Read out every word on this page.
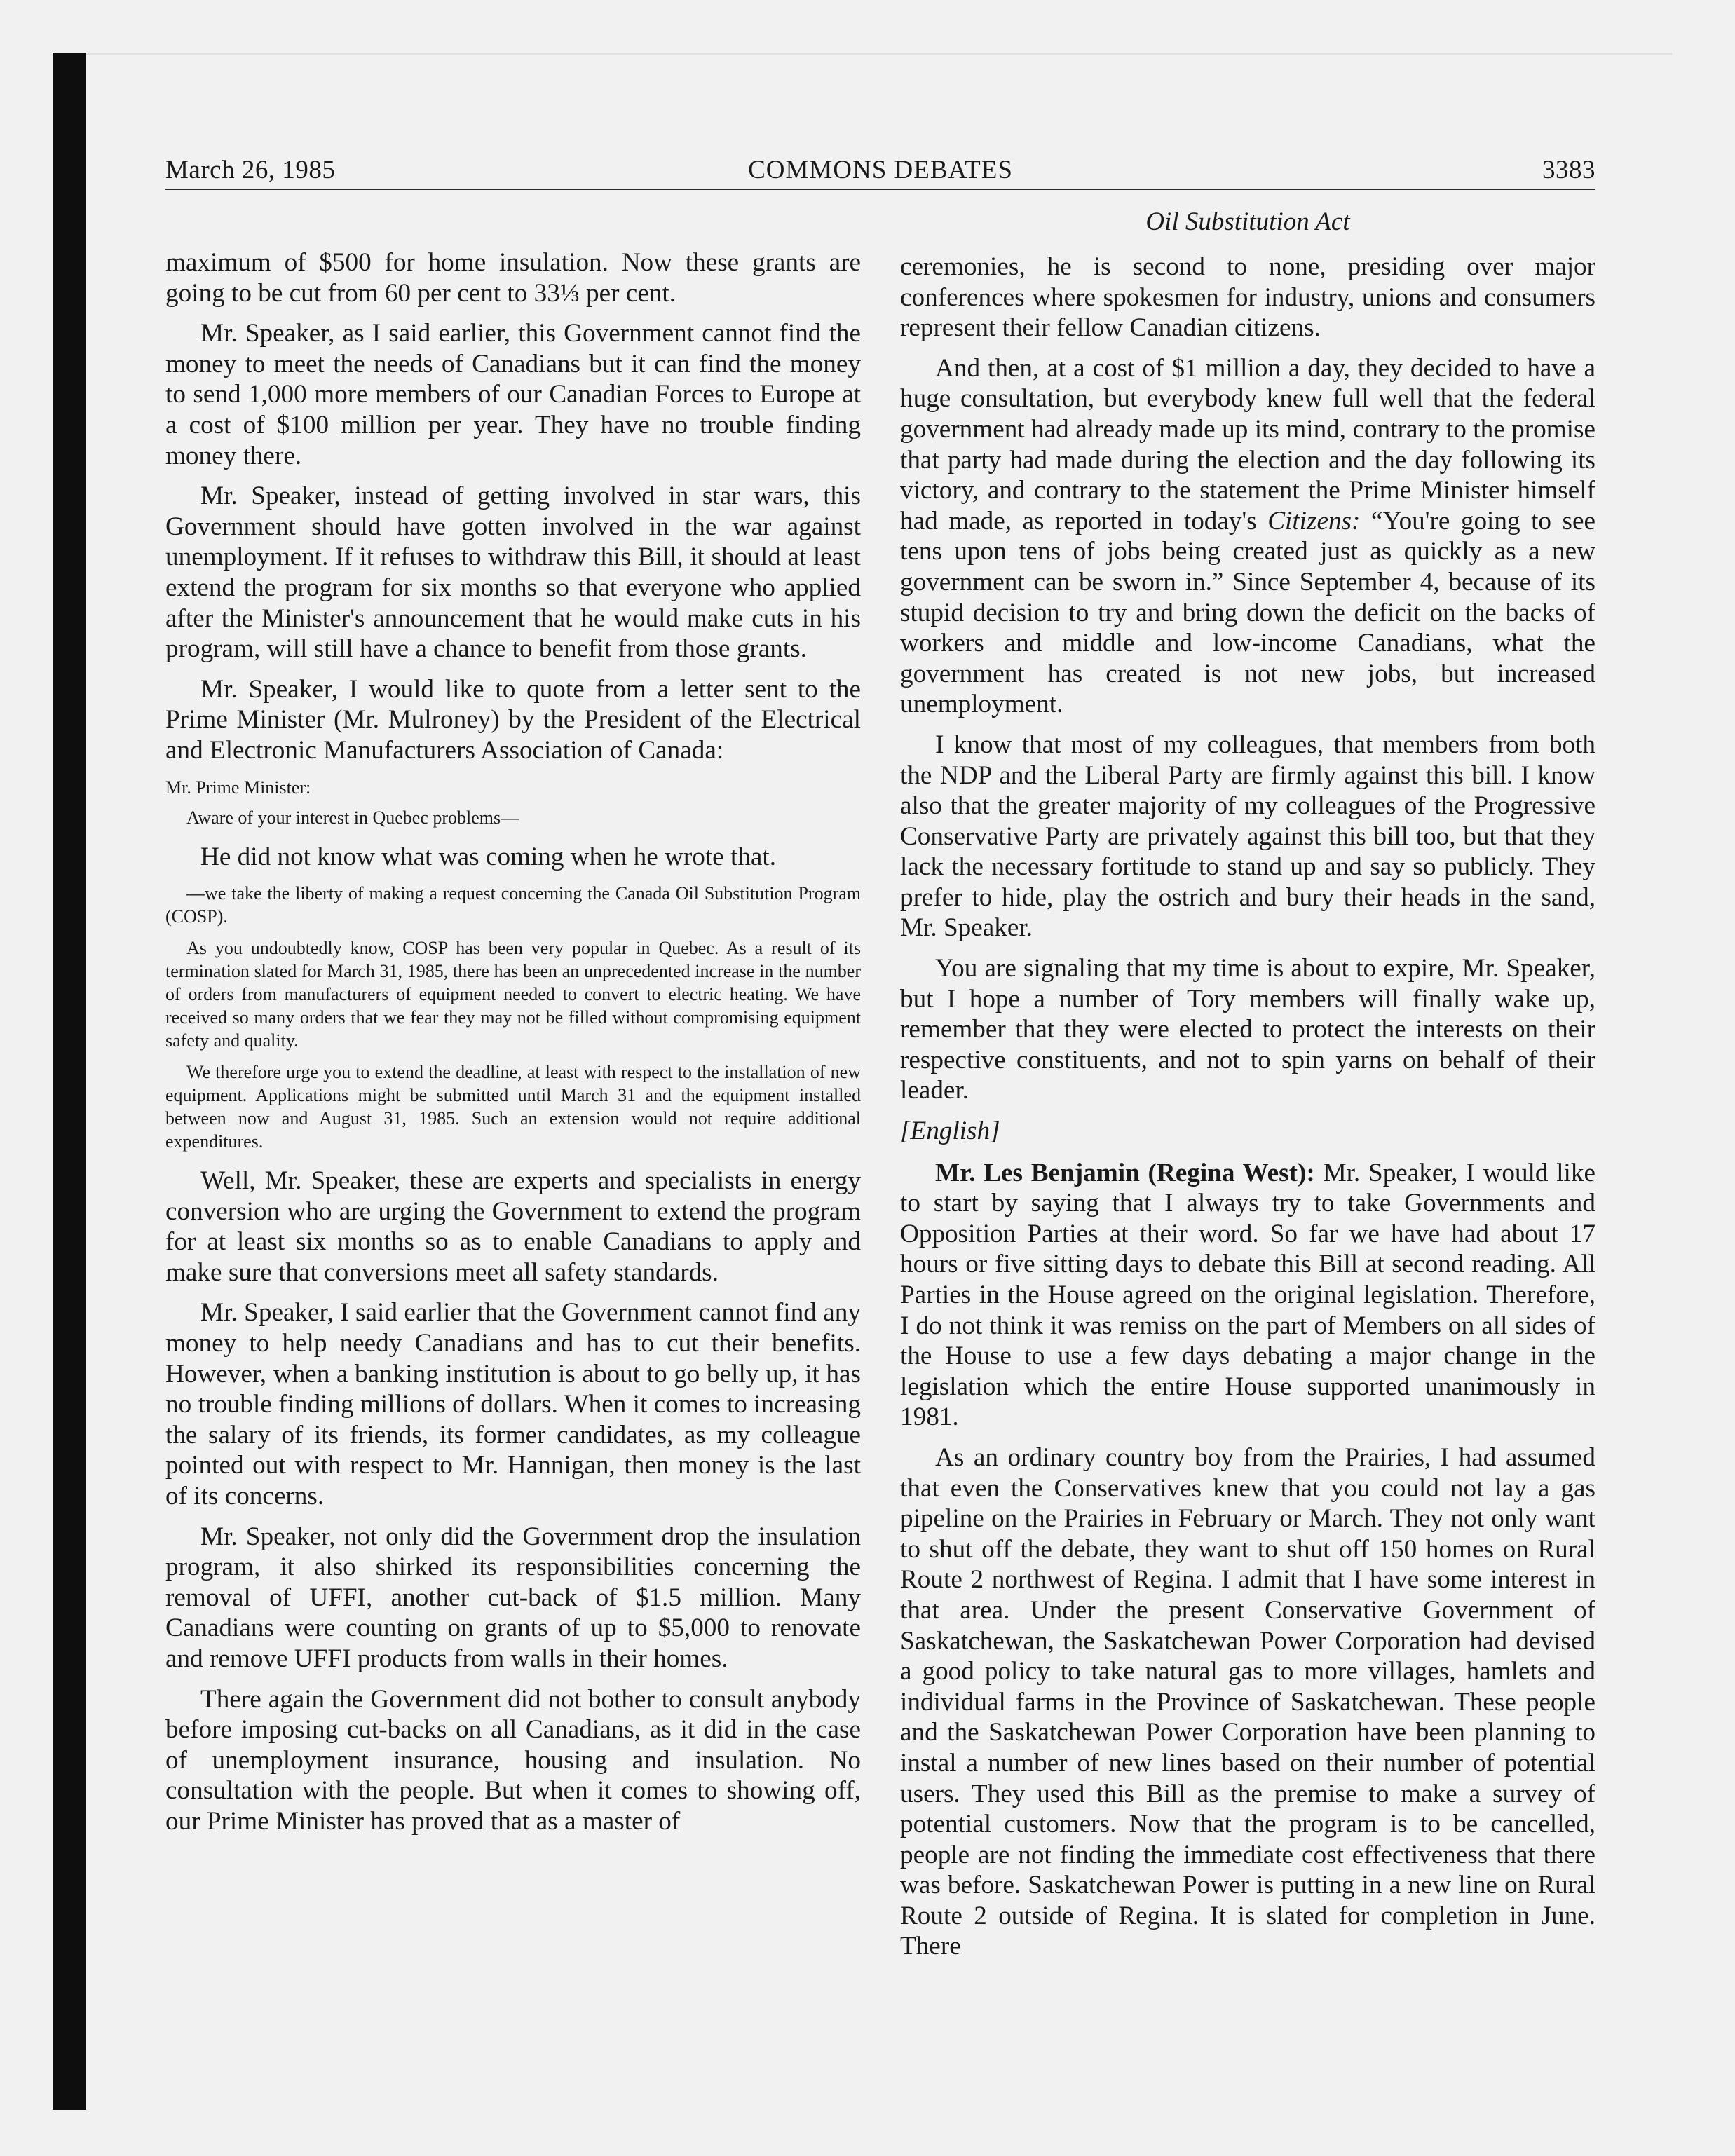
March 26, 1985	COMMONS DEBATES	3383

maximum of $500 for home insulation. Now these grants are going to be cut from 60 per cent to 33⅓ per cent.

Mr. Speaker, as I said earlier, this Government cannot find the money to meet the needs of Canadians but it can find the money to send 1,000 more members of our Canadian Forces to Europe at a cost of $100 million per year. They have no trouble finding money there.

Mr. Speaker, instead of getting involved in star wars, this Government should have gotten involved in the war against unemployment. If it refuses to withdraw this Bill, it should at least extend the program for six months so that everyone who applied after the Minister's announcement that he would make cuts in his program, will still have a chance to benefit from those grants.

Mr. Speaker, I would like to quote from a letter sent to the Prime Minister (Mr. Mulroney) by the President of the Electrical and Electronic Manufacturers Association of Canada:

Mr. Prime Minister:

Aware of your interest in Quebec problems—

He did not know what was coming when he wrote that.

—we take the liberty of making a request concerning the Canada Oil Substitution Program (COSP).

As you undoubtedly know, COSP has been very popular in Quebec. As a result of its termination slated for March 31, 1985, there has been an unprecedented increase in the number of orders from manufacturers of equipment needed to convert to electric heating. We have received so many orders that we fear they may not be filled without compromising equipment safety and quality.

We therefore urge you to extend the deadline, at least with respect to the installation of new equipment. Applications might be submitted until March 31 and the equipment installed between now and August 31, 1985. Such an extension would not require additional expenditures.

Well, Mr. Speaker, these are experts and specialists in energy conversion who are urging the Government to extend the program for at least six months so as to enable Canadians to apply and make sure that conversions meet all safety standards.

Mr. Speaker, I said earlier that the Government cannot find any money to help needy Canadians and has to cut their benefits. However, when a banking institution is about to go belly up, it has no trouble finding millions of dollars. When it comes to increasing the salary of its friends, its former candidates, as my colleague pointed out with respect to Mr. Hannigan, then money is the last of its concerns.

Mr. Speaker, not only did the Government drop the insulation program, it also shirked its responsibilities concerning the removal of UFFI, another cut-back of $1.5 million. Many Canadians were counting on grants of up to $5,000 to renovate and remove UFFI products from walls in their homes.

There again the Government did not bother to consult anybody before imposing cut-backs on all Canadians, as it did in the case of unemployment insurance, housing and insulation. No consultation with the people. But when it comes to showing off, our Prime Minister has proved that as a master of

Oil Substitution Act

ceremonies, he is second to none, presiding over major conferences where spokesmen for industry, unions and consumers represent their fellow Canadian citizens.

And then, at a cost of $1 million a day, they decided to have a huge consultation, but everybody knew full well that the federal government had already made up its mind, contrary to the promise that party had made during the election and the day following its victory, and contrary to the statement the Prime Minister himself had made, as reported in today's Citizens: “You're going to see tens upon tens of jobs being created just as quickly as a new government can be sworn in.” Since September 4, because of its stupid decision to try and bring down the deficit on the backs of workers and middle and low-income Canadians, what the government has created is not new jobs, but increased unemployment.

I know that most of my colleagues, that members from both the NDP and the Liberal Party are firmly against this bill. I know also that the greater majority of my colleagues of the Progressive Conservative Party are privately against this bill too, but that they lack the necessary fortitude to stand up and say so publicly. They prefer to hide, play the ostrich and bury their heads in the sand, Mr. Speaker.

You are signaling that my time is about to expire, Mr. Speaker, but I hope a number of Tory members will finally wake up, remember that they were elected to protect the interests on their respective constituents, and not to spin yarns on behalf of their leader.

[English]

Mr. Les Benjamin (Regina West): Mr. Speaker, I would like to start by saying that I always try to take Governments and Opposition Parties at their word. So far we have had about 17 hours or five sitting days to debate this Bill at second reading. All Parties in the House agreed on the original legislation. Therefore, I do not think it was remiss on the part of Members on all sides of the House to use a few days debating a major change in the legislation which the entire House supported unanimously in 1981.

As an ordinary country boy from the Prairies, I had assumed that even the Conservatives knew that you could not lay a gas pipeline on the Prairies in February or March. They not only want to shut off the debate, they want to shut off 150 homes on Rural Route 2 northwest of Regina. I admit that I have some interest in that area. Under the present Conservative Government of Saskatchewan, the Saskatchewan Power Corporation had devised a good policy to take natural gas to more villages, hamlets and individual farms in the Province of Saskatchewan. These people and the Saskatchewan Power Corporation have been planning to instal a number of new lines based on their number of potential users. They used this Bill as the premise to make a survey of potential customers. Now that the program is to be cancelled, people are not finding the immediate cost effectiveness that there was before. Saskatchewan Power is putting in a new line on Rural Route 2 outside of Regina. It is slated for completion in June. There
